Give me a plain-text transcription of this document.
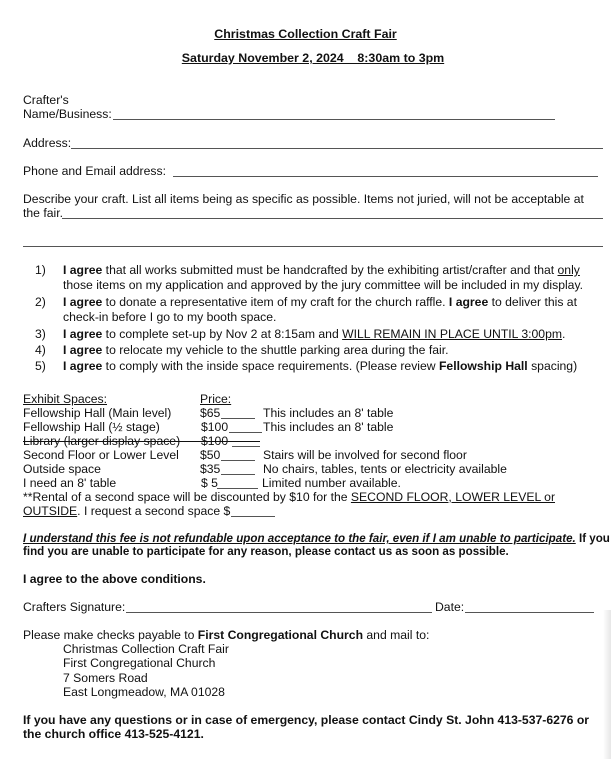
Christmas Collection Craft Fair
Saturday November 2, 2024    8:30am to 3pm
Crafter's
Name/Business:
Address:
Phone and Email address:
Describe your craft. List all items being as specific as possible. Items not juried, will not be acceptable at
the fair.
1) I agree that all works submitted must be handcrafted by the exhibiting artist/crafter and that only
those items on my application and approved by the jury committee will be included in my display.
2) I agree to donate a representative item of my craft for the church raffle. I agree to deliver this at
check-in before I go to my booth space.
3) I agree to complete set-up by Nov 2 at 8:15am and WILL REMAIN IN PLACE UNTIL 3:00pm.
4) I agree to relocate my vehicle to the shuttle parking area during the fair.
5) I agree to comply with the inside space requirements. (Please review Fellowship Hall spacing)
Exhibit Spaces:	Price:
Fellowship Hall (Main level) $65	This includes an 8' table
Fellowship Hall (½ stage)	$100	This includes an 8' table
Library (larger display space) $100
Second Floor or Lower Level $50	Stairs will be involved for second floor
Outside space	$35	No chairs, tables, tents or electricity available
I need an 8' table	$ 5	Limited number available.
**Rental of a second space will be discounted by $10 for the SECOND FLOOR, LOWER LEVEL or
OUTSIDE. I request a second space $
I understand this fee is not refundable upon acceptance to the fair, even if I am unable to participate. If you
find you are unable to participate for any reason, please contact us as soon as possible.
I agree to the above conditions.
Crafters Signature:	Date:
Please make checks payable to First Congregational Church and mail to:
Christmas Collection Craft Fair
First Congregational Church
7 Somers Road
East Longmeadow, MA 01028
If you have any questions or in case of emergency, please contact Cindy St. John 413-537-6276 or
the church office 413-525-4121.
